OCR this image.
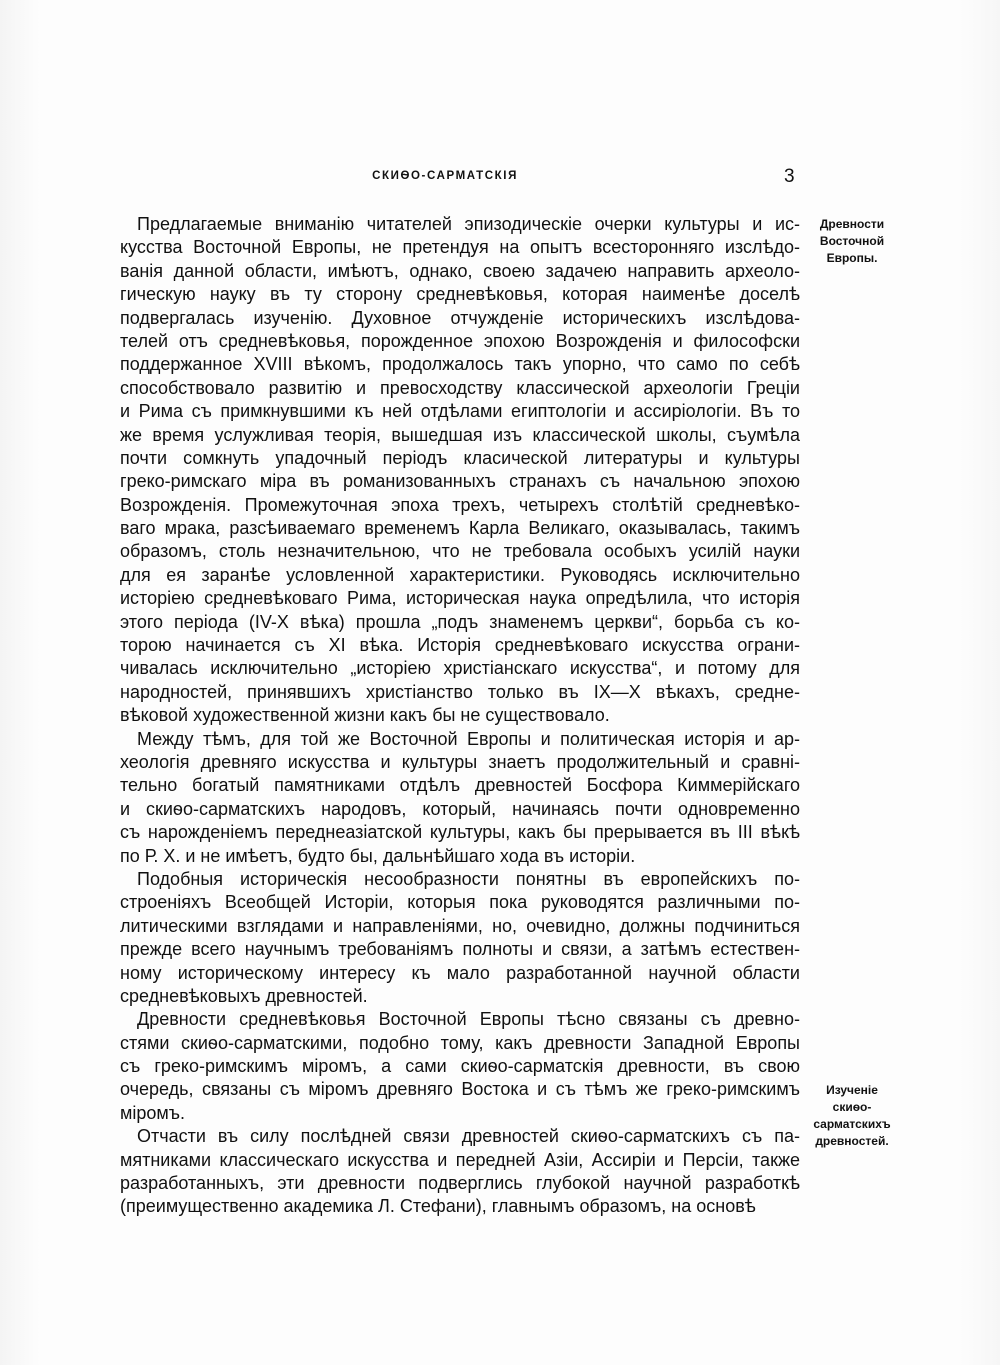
СКИѲО-САРМАТСКІЯ	3
Предлагаемые вниманію читателей эпизодическіе очерки культуры и ис-
кусства Восточной Европы, не претендуя на опытъ всесторонняго изслѣдо-
ванія данной области, имѣютъ, однако, своею задачею направить археоло-
гическую науку въ ту сторону средневѣковья, которая наименѣе доселѣ
подвергалась изученію. Духовное отчужденіе историческихъ изслѣдова-
телей отъ средневѣковья, порожденное эпохою Возрожденія и философски
поддержанное XVIII вѣкомъ, продолжалось такъ упорно, что само по себѣ
способствовало развитію и превосходству классической археологіи Греціи
и Рима съ примкнувшими къ ней отдѣлами египтологіи и ассиріологіи. Въ то
же время услужливая теорія, вышедшая изъ классической школы, съумѣла
почти сомкнуть упадочный періодъ класической литературы и культуры
греко-римскаго міра въ романизованныхъ странахъ съ начальною эпохою
Возрожденія. Промежуточная эпоха трехъ, четырехъ столѣтій средневѣко-
ваго мрака, разсѣиваемаго временемъ Карла Великаго, оказывалась, такимъ
образомъ, столь незначительною, что не требовала особыхъ усилій науки
для ея заранѣе условленной характеристики. Руководясь исключительно
исторіею средневѣковаго Рима, историческая наука опредѣлила, что исторія
этого періода (IV-X вѣка) прошла „подъ знаменемъ церкви“, борьба съ ко-
торою начинается съ XI вѣка. Исторія средневѣковаго искусства ограни-
чивалась исключительно „исторіею христіанскаго искусства“, и потому для
народностей, принявшихъ христіанство только въ IX—X вѣкахъ, средне-
вѣковой художественной жизни какъ бы не существовало.
Между тѣмъ, для той же Восточной Европы и политическая исторія и ар-
хеологія древняго искусства и культуры знаетъ продолжительный и сравні-
тельно богатый памятниками отдѣлъ древностей Босфора Киммерійскаго
и скиѳо-сарматскихъ народовъ, который, начинаясь почти одновременно
съ нарожденіемъ переднеазіатской культуры, какъ бы прерывается въ III вѣкѣ
по Р. Х. и не имѣетъ, будто бы, дальнѣйшаго хода въ исторіи.
Подобныя историческія несообразности понятны въ европейскихъ по-
строеніяхъ Всеобщей Исторіи, которыя пока руководятся различными по-
литическими взглядами и направленіями, но, очевидно, должны подчиниться
прежде всего научнымъ требованіямъ полноты и связи, а затѣмъ естествен-
ному историческому интересу къ мало разработанной научной области
средневѣковыхъ древностей.
Древности средневѣковья Восточной Европы тѣсно связаны съ древно-
стями скиѳо-сарматскими, подобно тому, какъ древности Западной Европы
съ греко-римскимъ міромъ, а сами скиѳо-сарматскія древности, въ свою
очередь, связаны съ міромъ древняго Востока и съ тѣмъ же греко-римскимъ
міромъ.
Отчасти въ силу послѣдней связи древностей скиѳо-сарматскихъ съ па-
мятниками классическаго искусства и передней Азіи, Ассиріи и Персіи, также
разработанныхъ, эти древности подверглись глубокой научной разработкѣ
(преимущественно академика Л. Стефани), главнымъ образомъ, на основѣ
Древности
Восточной
Европы.
Изученіе скиѳо-
сарматскихъ
древностей.
